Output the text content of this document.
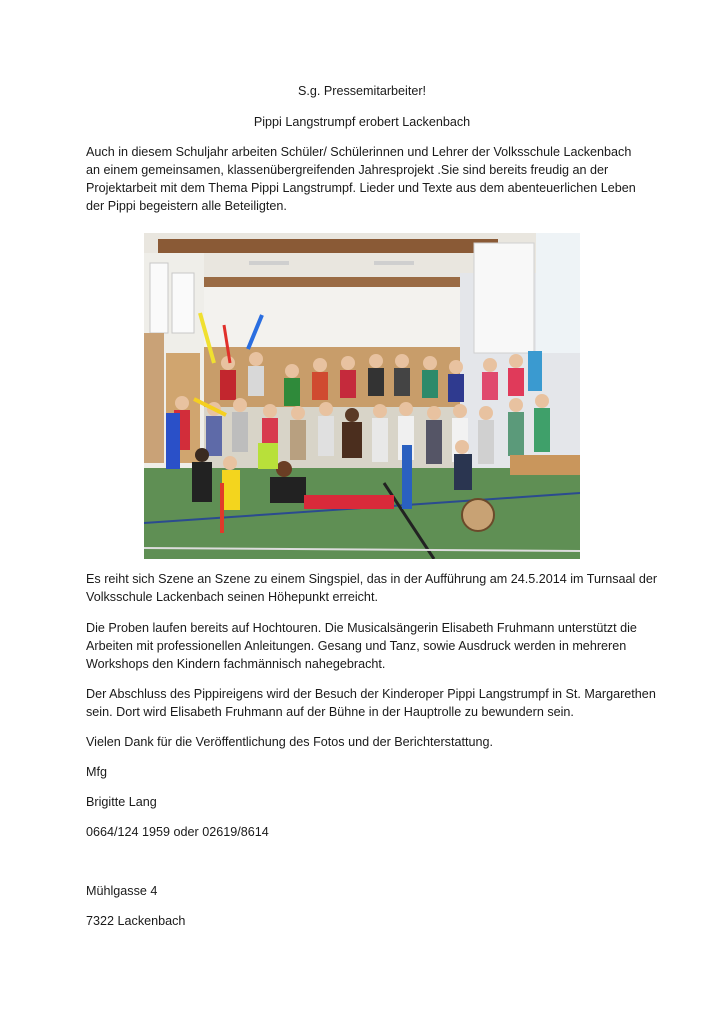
S.g. Pressemitarbeiter!
Pippi Langstrumpf erobert Lackenbach
Auch in diesem Schuljahr arbeiten Schüler/ Schülerinnen und Lehrer der Volksschule Lackenbach
an einem gemeinsamen, klassenübergreifenden Jahresprojekt .Sie sind bereits freudig an der
Projektarbeit mit dem Thema Pippi Langstrumpf. Lieder und Texte aus dem abenteuerlichen Leben
der Pippi begeistern alle Beteiligten.
Es reiht sich Szene an Szene zu einem Singspiel, das in der Aufführung am 24.5.2014 im Turnsaal der
Volksschule Lackenbach seinen Höhepunkt erreicht.
Die Proben laufen bereits auf Hochtouren. Die Musicalsängerin Elisabeth Fruhmann unterstützt die
Arbeiten mit professionellen Anleitungen. Gesang und Tanz, sowie Ausdruck werden in mehreren
Workshops den Kindern fachmännisch nahegebracht.
Der Abschluss des Pippireigens wird der Besuch der Kinderoper Pippi Langstrumpf in St. Margarethen
sein. Dort wird Elisabeth Fruhmann auf der Bühne in der Hauptrolle zu bewundern sein.
Vielen Dank für die Veröffentlichung des Fotos und der Berichterstattung.
Mfg
Brigitte Lang
0664/124 1959 oder 02619/8614
Mühlgasse 4
7322 Lackenbach
